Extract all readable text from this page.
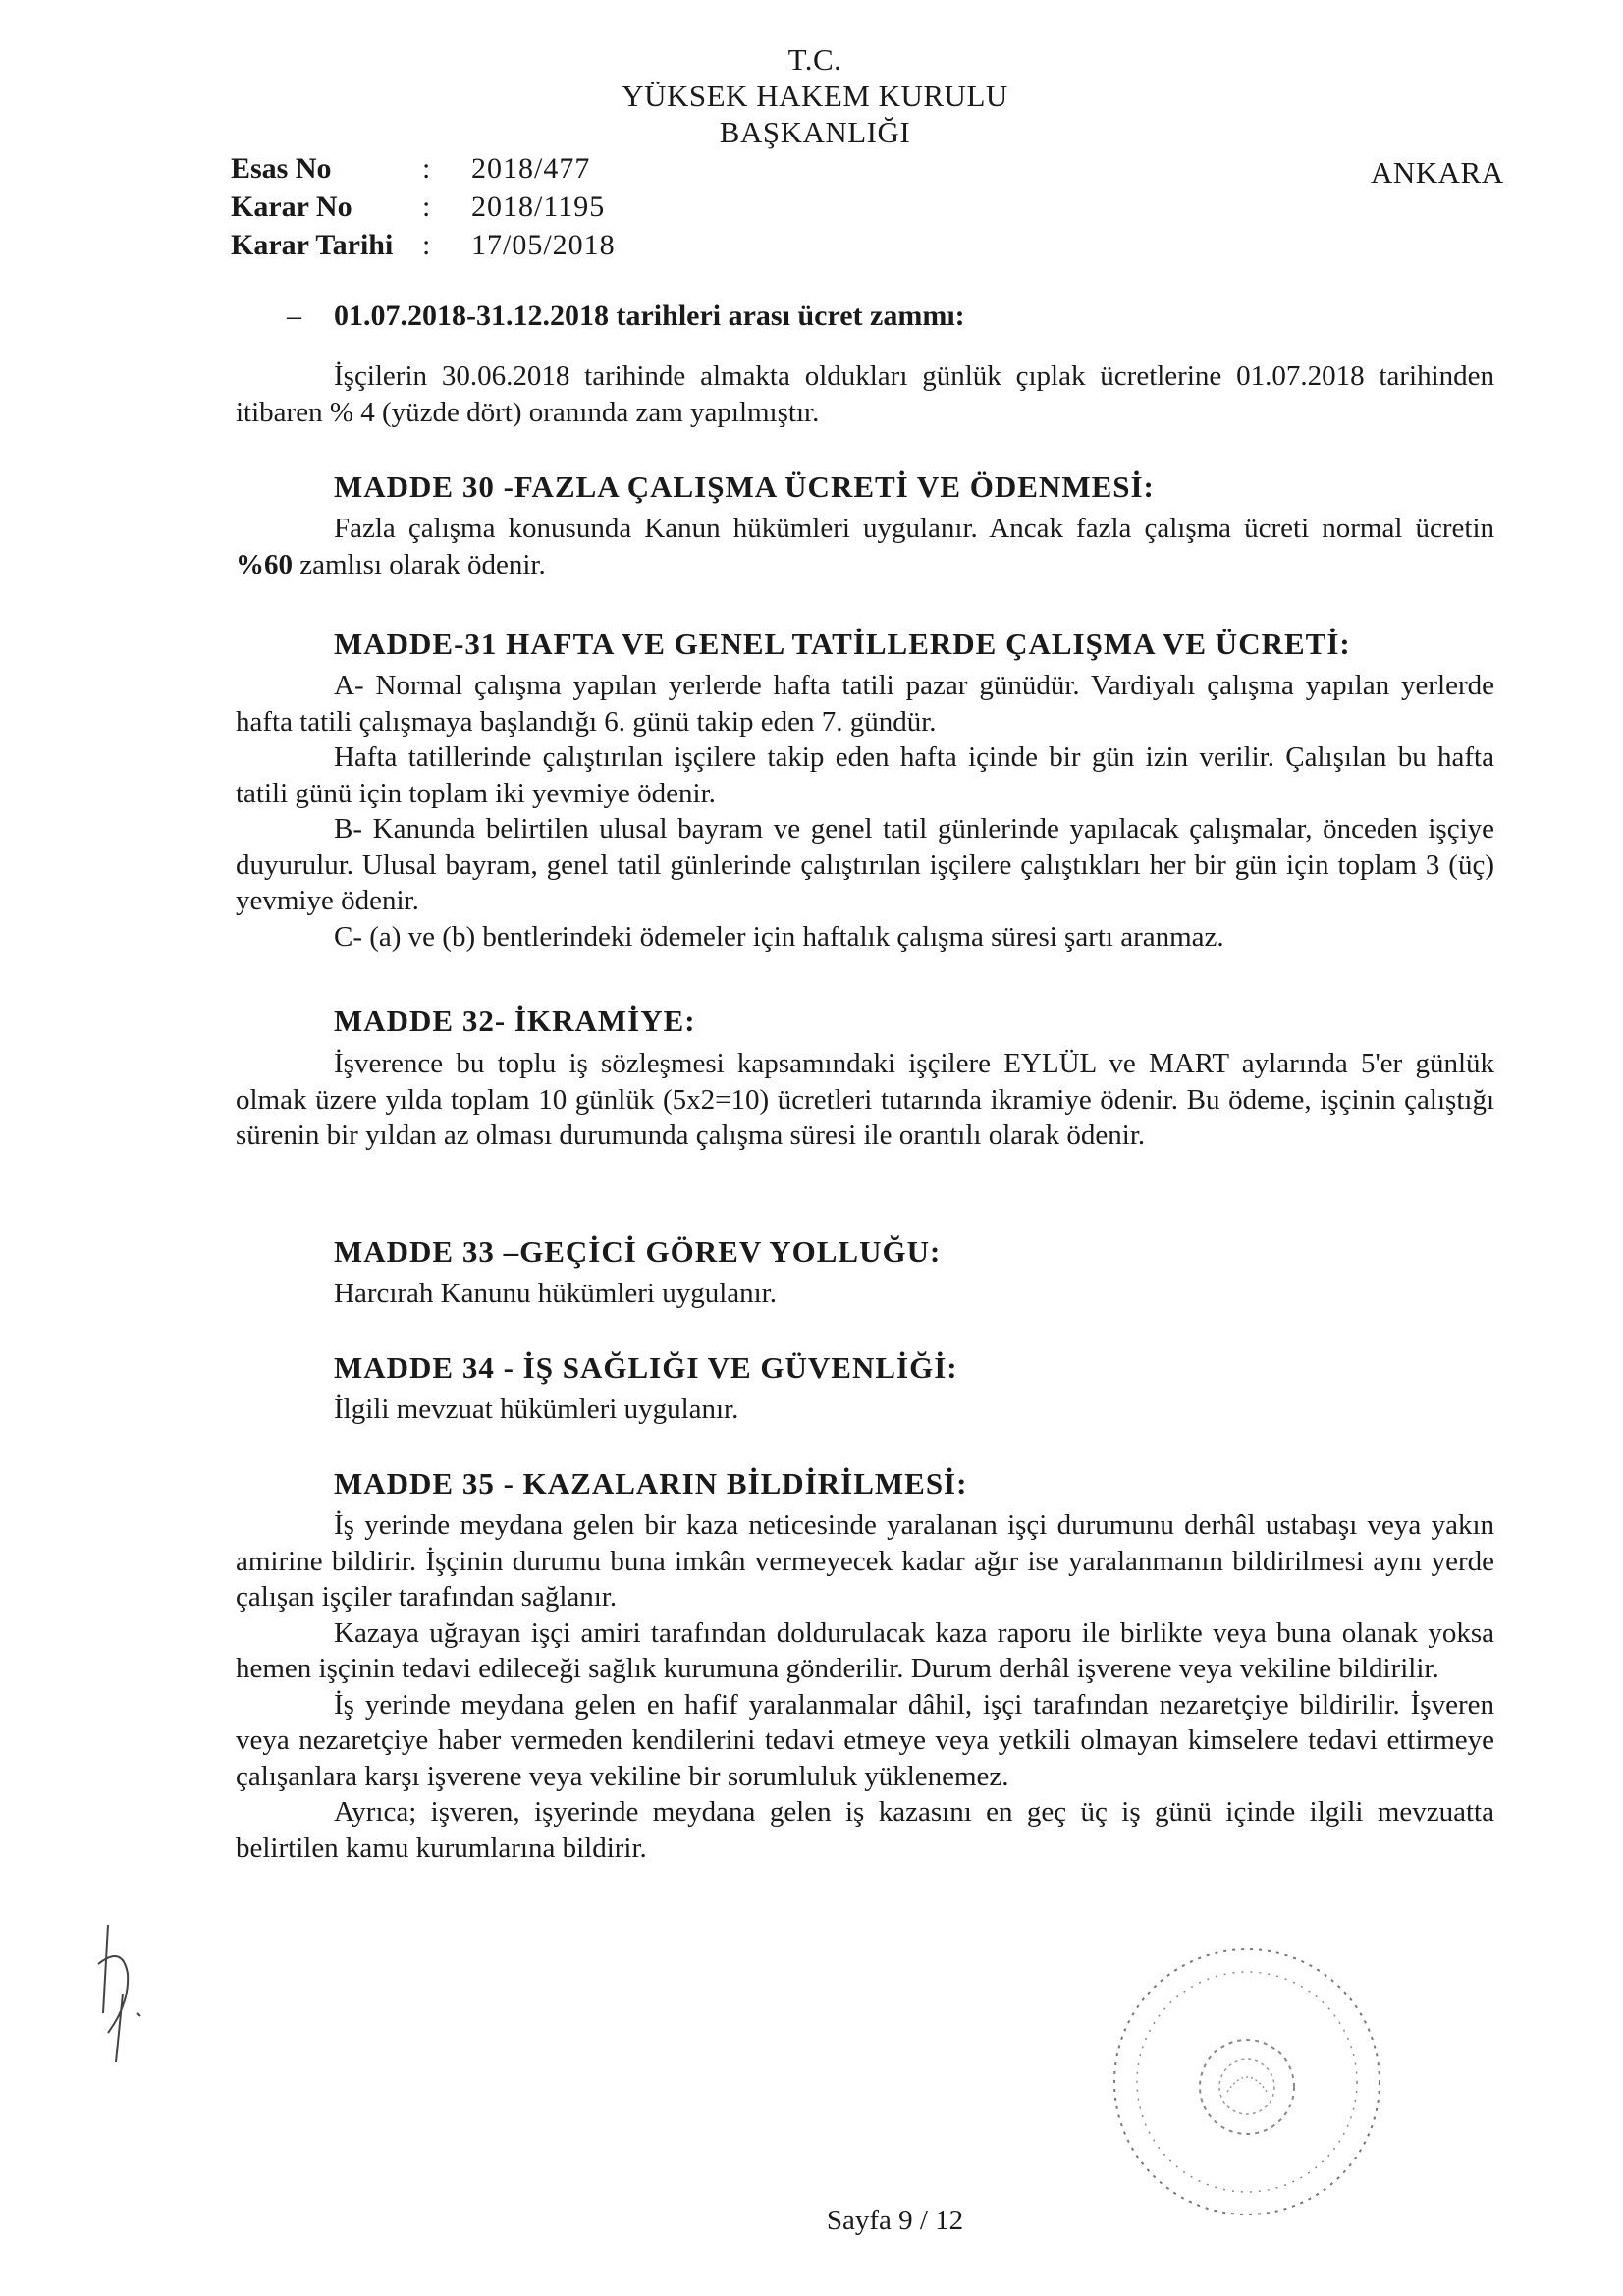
T.C.
YÜKSEK HAKEM KURULU
BAŞKANLIĞI
ANKARA
Esas No	:	2018/477
Karar No	:	2018/1195
Karar Tarihi :	17/05/2018
– 01.07.2018-31.12.2018 tarihleri arası ücret zammı:

İşçilerin 30.06.2018 tarihinde almakta oldukları günlük çıplak ücretlerine 01.07.2018 tarihinden itibaren % 4 (yüzde dört) oranında zam yapılmıştır.

MADDE 30 -FAZLA ÇALIŞMA ÜCRETİ VE ÖDENMESİ:

Fazla çalışma konusunda Kanun hükümleri uygulanır. Ancak fazla çalışma ücreti normal ücretin %60 zamlısı olarak ödenir.

MADDE-31 HAFTA VE GENEL TATİLLERDE ÇALIŞMA VE ÜCRETİ:

A- Normal çalışma yapılan yerlerde hafta tatili pazar günüdür. Vardiyalı çalışma yapılan yerlerde hafta tatili çalışmaya başlandığı 6. günü takip eden 7. gündür.

Hafta tatillerinde çalıştırılan işçilere takip eden hafta içinde bir gün izin verilir. Çalışılan bu hafta tatili günü için toplam iki yevmiye ödenir.

B- Kanunda belirtilen ulusal bayram ve genel tatil günlerinde yapılacak çalışmalar, önceden işçiye duyurulur. Ulusal bayram, genel tatil günlerinde çalıştırılan işçilere çalıştıkları her bir gün için toplam 3 (üç) yevmiye ödenir.

C- (a) ve (b) bentlerindeki ödemeler için haftalık çalışma süresi şartı aranmaz.

MADDE 32- İKRAMİYE:

İşverence bu toplu iş sözleşmesi kapsamındaki işçilere EYLÜL ve MART aylarında 5'er günlük olmak üzere yılda toplam 10 günlük (5x2=10) ücretleri tutarında ikramiye ödenir. Bu ödeme, işçinin çalıştığı sürenin bir yıldan az olması durumunda çalışma süresi ile orantılı olarak ödenir.

MADDE 33 –GEÇİCİ GÖREV YOLLUĞU:

Harcırah Kanunu hükümleri uygulanır.

MADDE 34 - İŞ SAĞLIĞI VE GÜVENLİĞİ:

İlgili mevzuat hükümleri uygulanır.

MADDE 35 - KAZALARIN BİLDİRİLMESİ:

İş yerinde meydana gelen bir kaza neticesinde yaralanan işçi durumunu derhâl ustabaşı veya yakın amirine bildirir. İşçinin durumu buna imkân vermeyecek kadar ağır ise yaralanmanın bildirilmesi aynı yerde çalışan işçiler tarafından sağlanır.

Kazaya uğrayan işçi amiri tarafından doldurulacak kaza raporu ile birlikte veya buna olanak yoksa hemen işçinin tedavi edileceği sağlık kurumuna gönderilir. Durum derhâl işverene veya vekiline bildirilir.

İş yerinde meydana gelen en hafif yaralanmalar dâhil, işçi tarafından nezaretçiye bildirilir. İşveren veya nezaretçiye haber vermeden kendilerini tedavi etmeye veya yetkili olmayan kimselere tedavi ettirmeye çalışanlara karşı işverene veya vekiline bir sorumluluk yüklenemez.

Ayrıca; işveren, işyerinde meydana gelen iş kazasını en geç üç iş günü içinde ilgili mevzuatta belirtilen kamu kurumlarına bildirir.

Sayfa 9 / 12
